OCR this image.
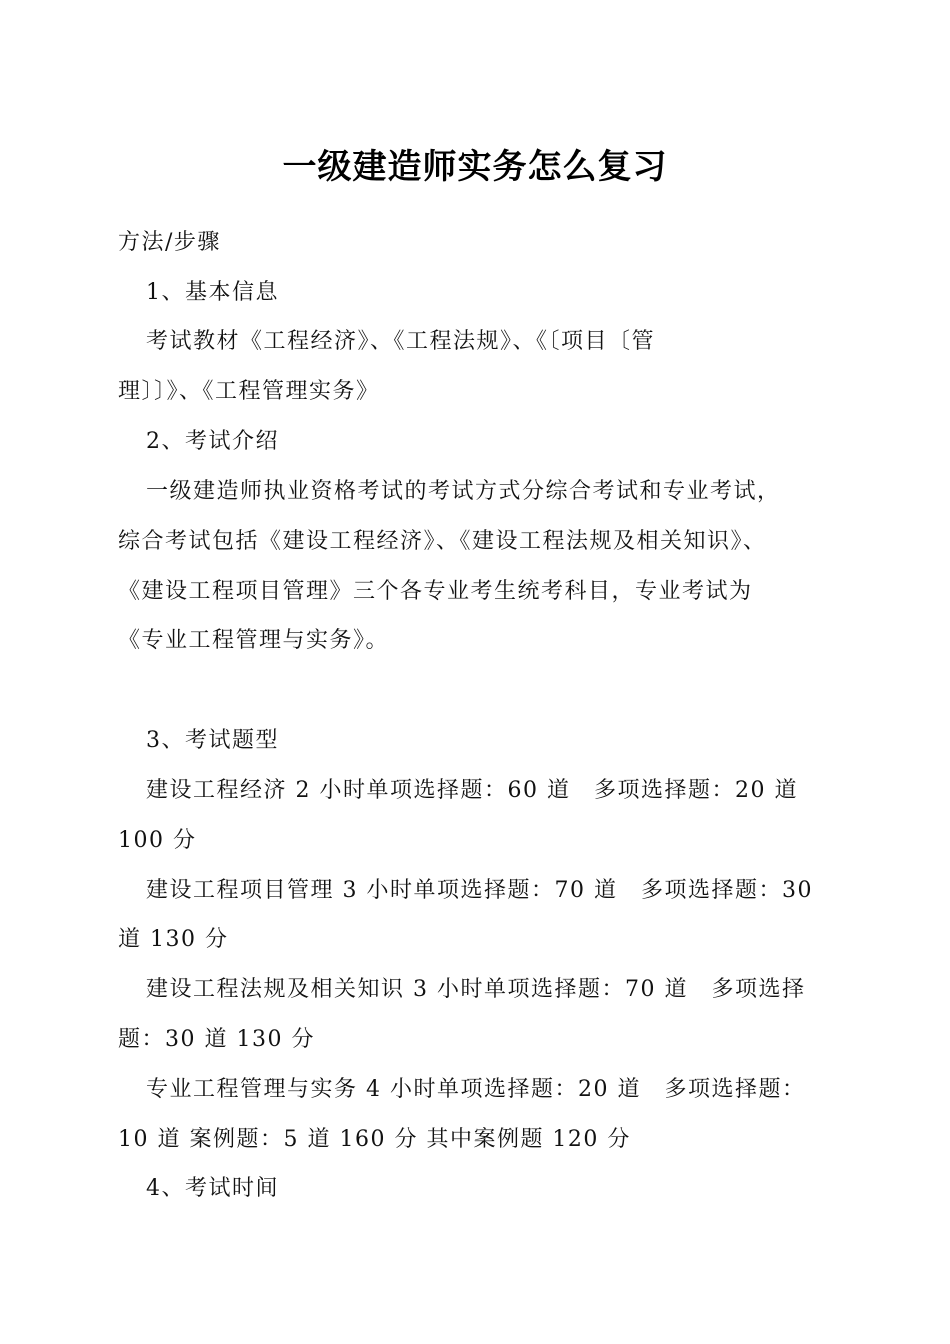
一级建造师实务怎么复习
方法/步骤
1、基本信息
考试教材《工程经济》、《工程法规》、《〔项目〔管
理〕〕》、《工程管理实务》
2、考试介绍
一级建造师执业资格考试的考试方式分综合考试和专业考试，
综合考试包括《建设工程经济》、《建设工程法规及相关知识》、
《建设工程项目管理》三个各专业考生统考科目，专业考试为
《专业工程管理与实务》。
3、考试题型
建设工程经济 2 小时单项选择题：60 道　多项选择题：20 道
100 分
建设工程项目管理 3 小时单项选择题：70 道　多项选择题：30
道 130 分
建设工程法规及相关知识 3 小时单项选择题：70 道　多项选择
题：30 道 130 分
专业工程管理与实务 4 小时单项选择题：20 道　多项选择题：
10 道 案例题：5 道 160 分 其中案例题 120 分
4、考试时间
